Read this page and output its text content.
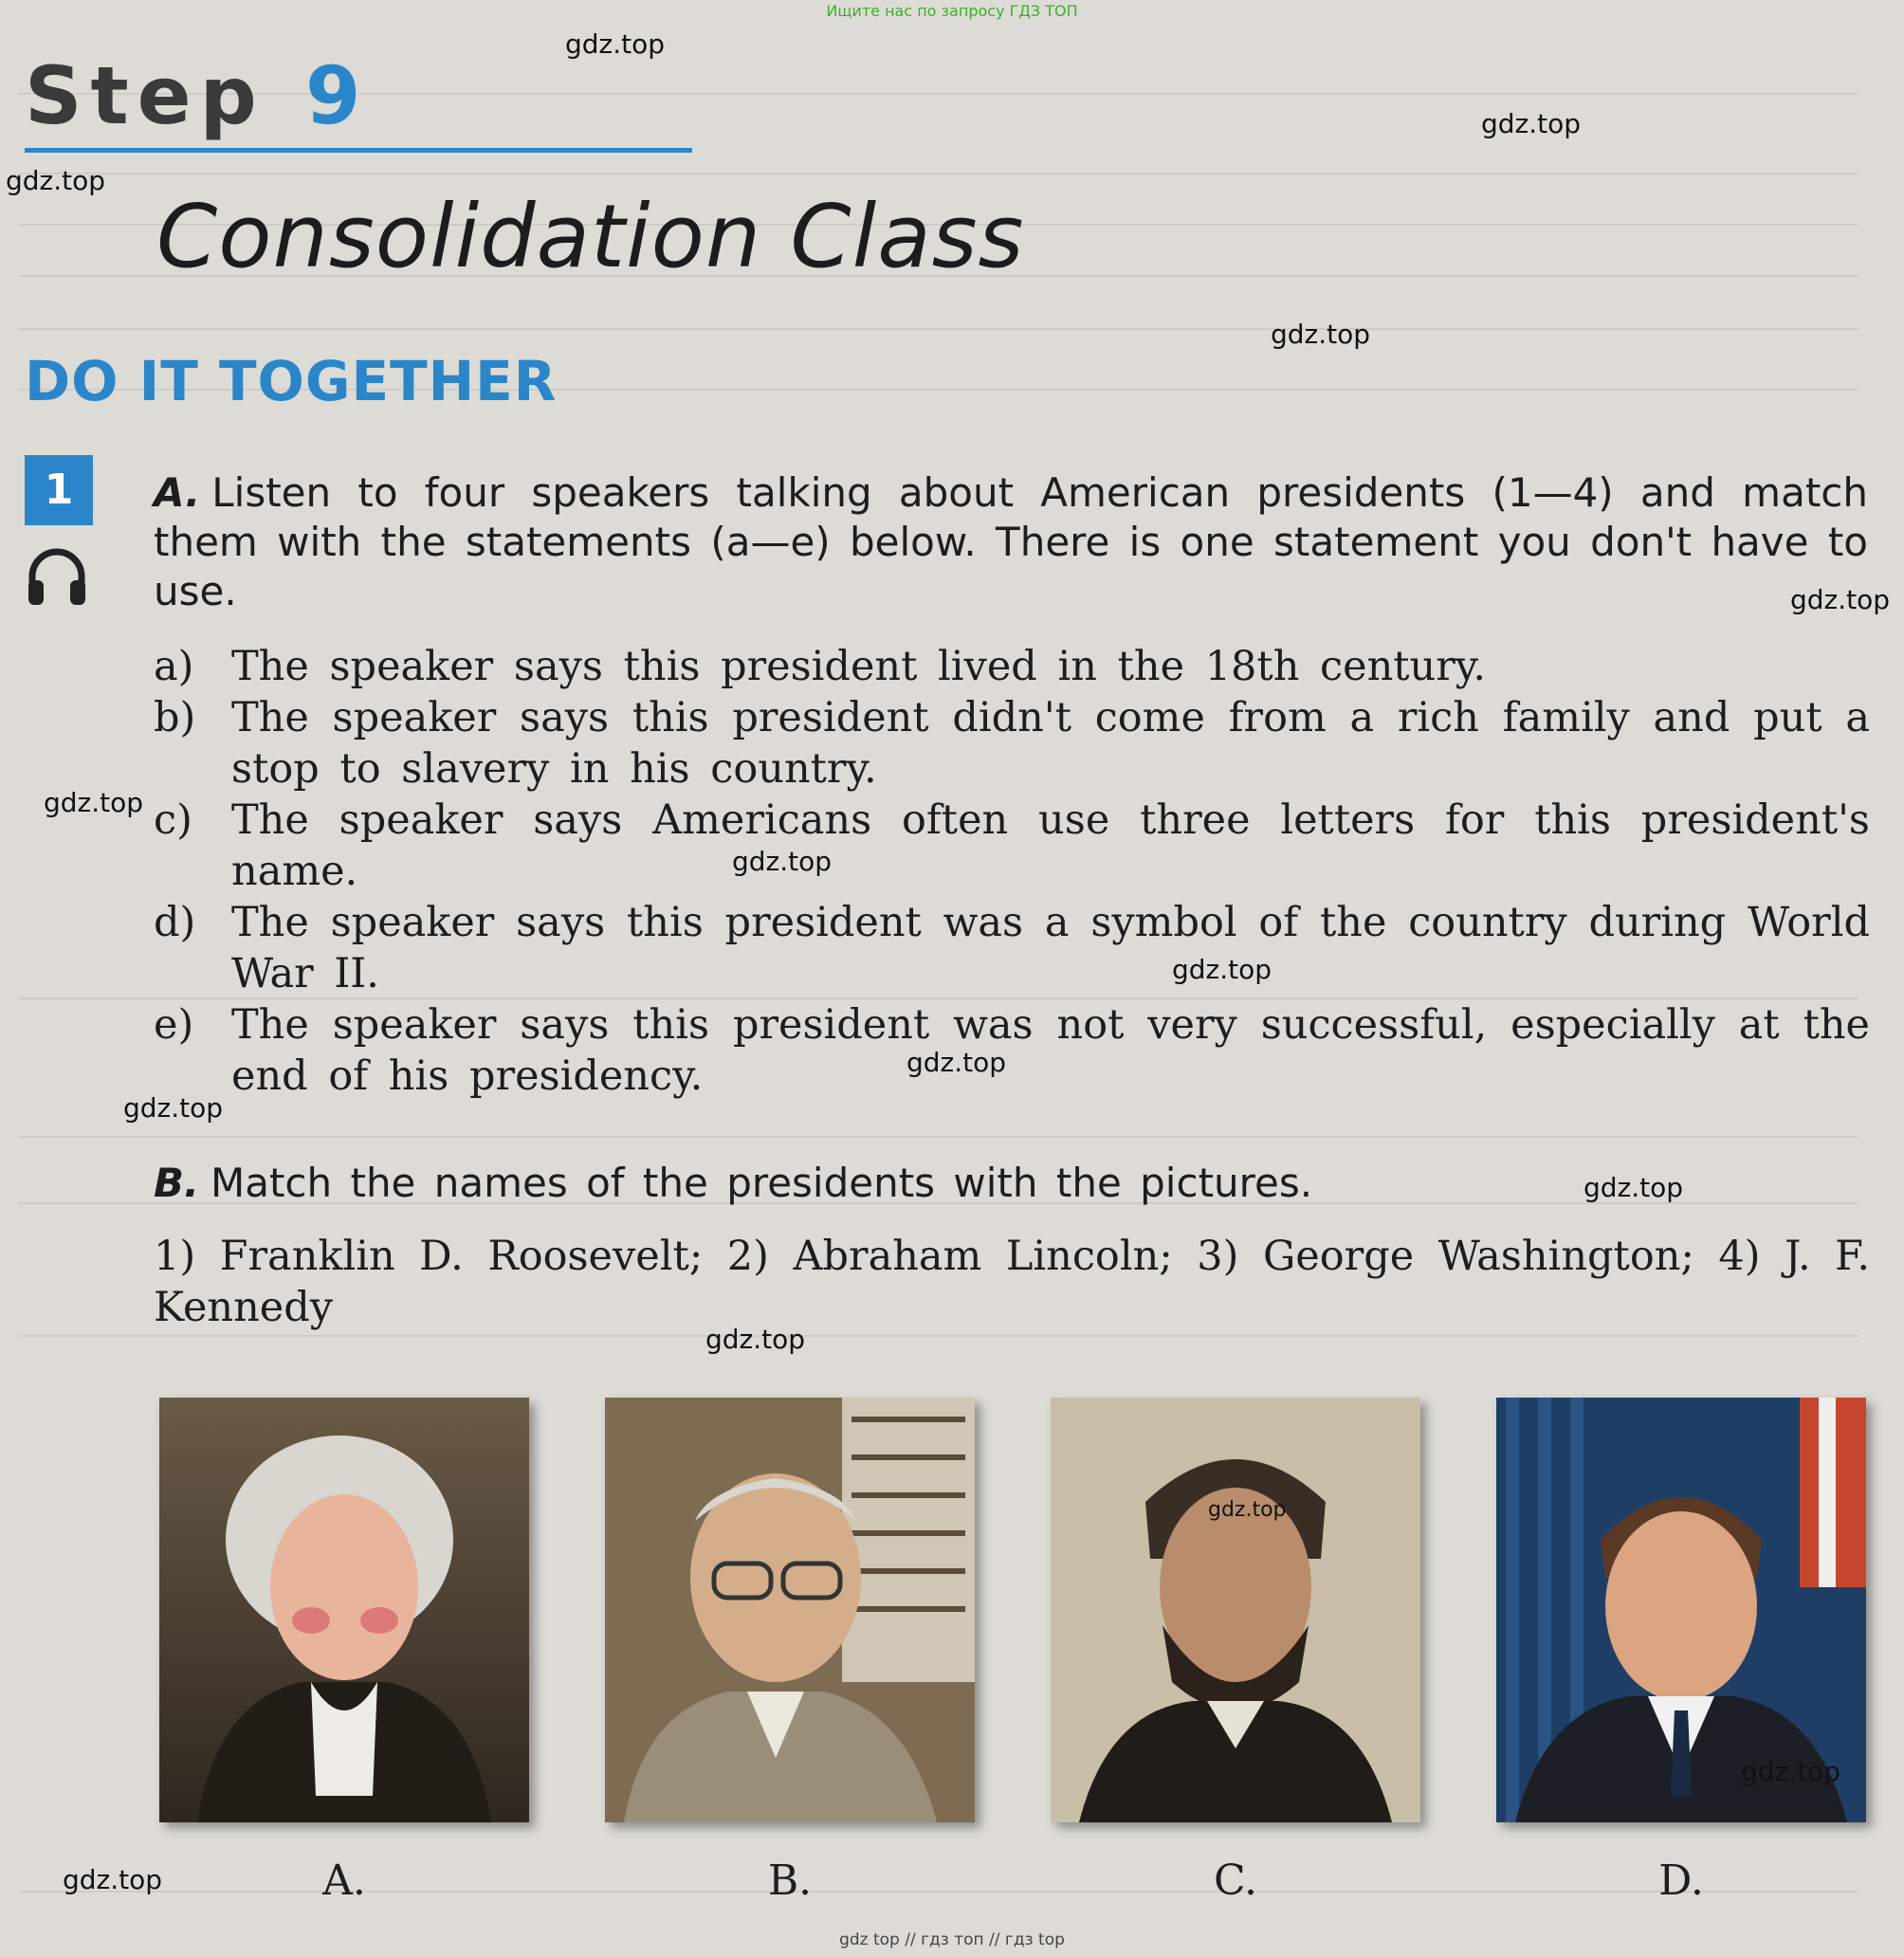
Ищите нас по запросу ГДЗ ТОП
Step 9
Consolidation Class
DO IT TOGETHER
1	A. Listen to four speakers talking about American presidents (1—4) and match them with the statements (a—e) below. There is one statement you don't have to use.
a) The speaker says this president lived in the 18th century.
b) The speaker says this president didn't come from a rich family and put a stop to slavery in his country.
c) The speaker says Americans often use three letters for this president's name.
d) The speaker says this president was a symbol of the country during World War II.
e) The speaker says this president was not very successful, especially at the end of his presidency.
B. Match the names of the presidents with the pictures.
1) Franklin D. Roosevelt; 2) Abraham Lincoln; 3) George Washington; 4) J. F. Kennedy
A.	B.	C.	D.
gdz.top
gdz.top
gdz.top
gdz.top
gdz.top
gdz.top
gdz.top
gdz.top
gdz.top
gdz.top
gdz.top
gdz.top
gdz.top
gdz.top
gdz.top
gdz top // гдз топ // гдз top
